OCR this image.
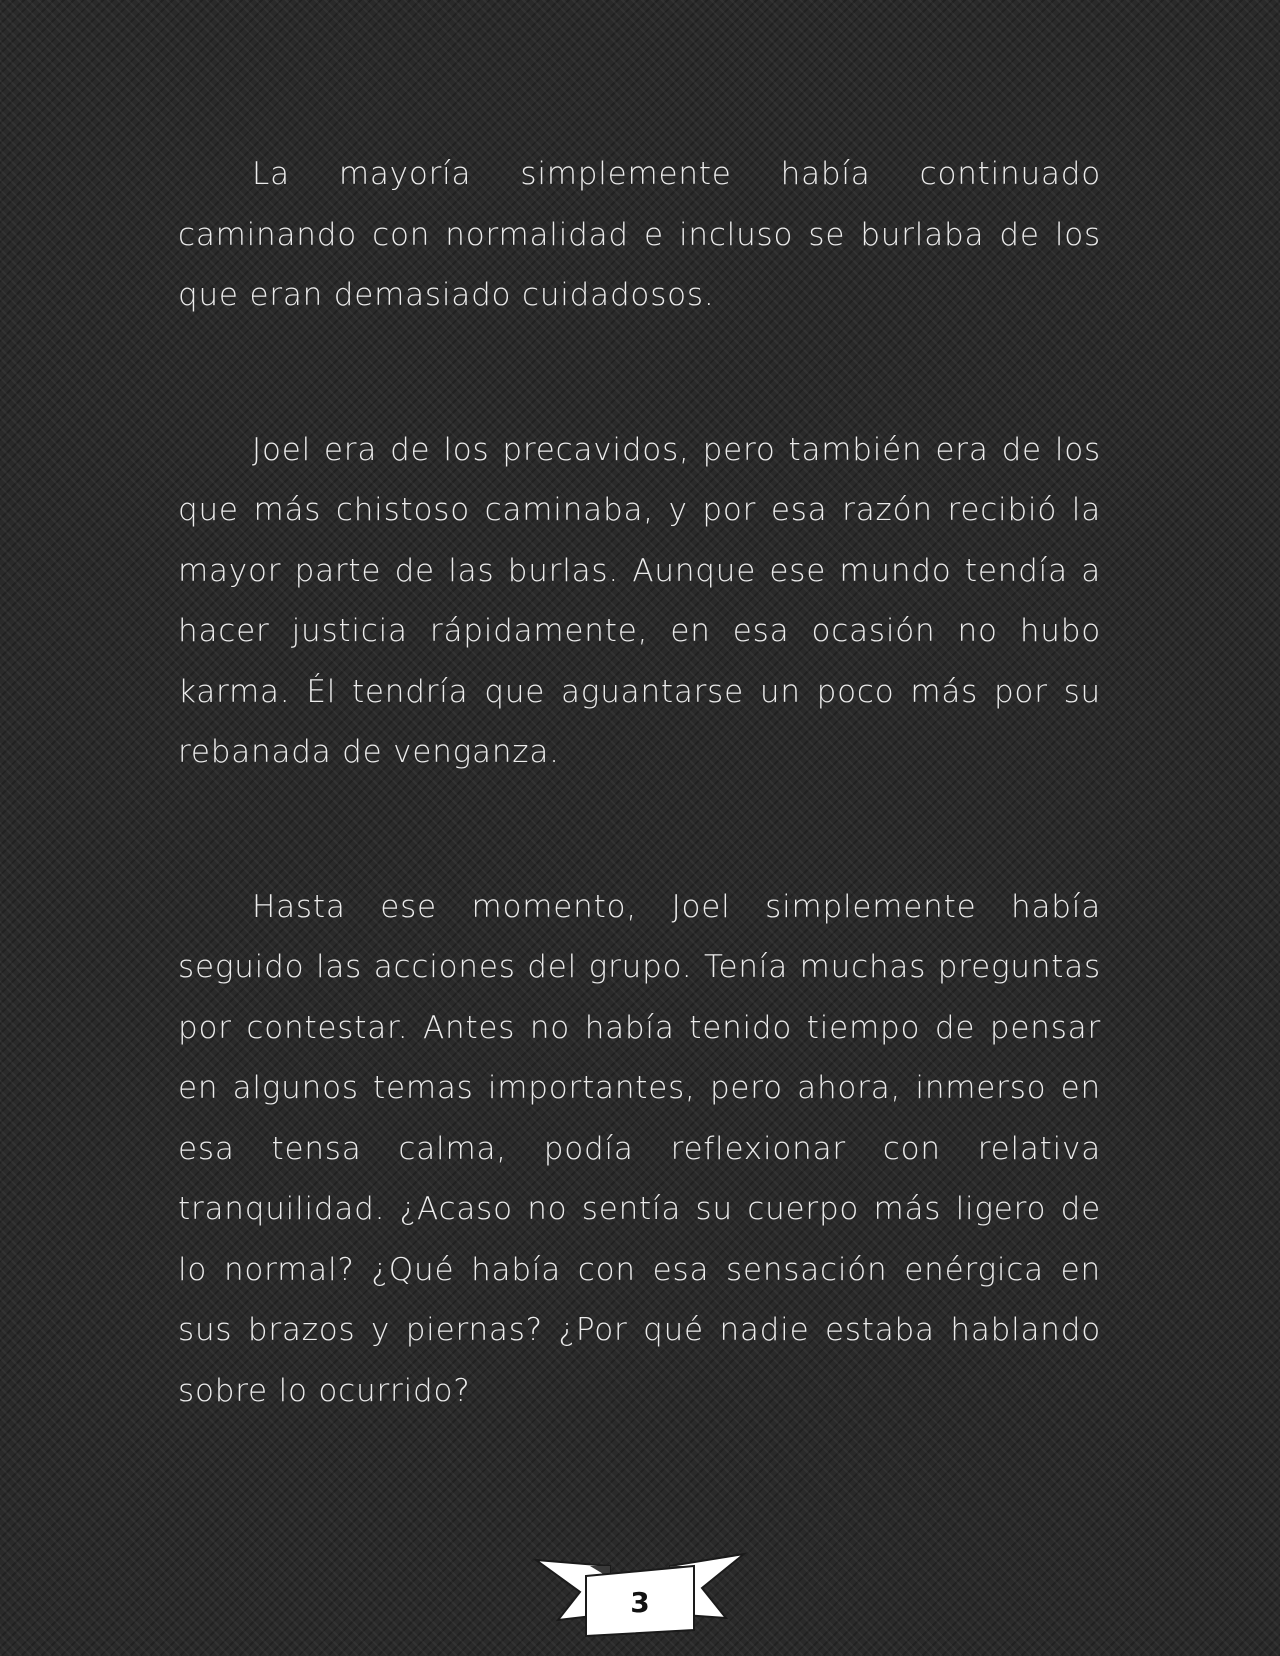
La mayoría simplemente había continuado caminando con normalidad e incluso se burlaba de los que eran demasiado cuidadosos.

Joel era de los precavidos, pero también era de los que más chistoso caminaba, y por esa razón recibió la mayor parte de las burlas. Aunque ese mundo tendía a hacer justicia rápidamente, en esa ocasión no hubo karma. Él tendría que aguantarse un poco más por su rebanada de venganza.

Hasta ese momento, Joel simplemente había seguido las acciones del grupo. Tenía muchas preguntas por contestar. Antes no había tenido tiempo de pensar en algunos temas importantes, pero ahora, inmerso en esa tensa calma, podía reflexionar con relativa tranquilidad. ¿Acaso no sentía su cuerpo más ligero de lo normal? ¿Qué había con esa sensación enérgica en sus brazos y piernas? ¿Por qué nadie estaba hablando sobre lo ocurrido?

3
